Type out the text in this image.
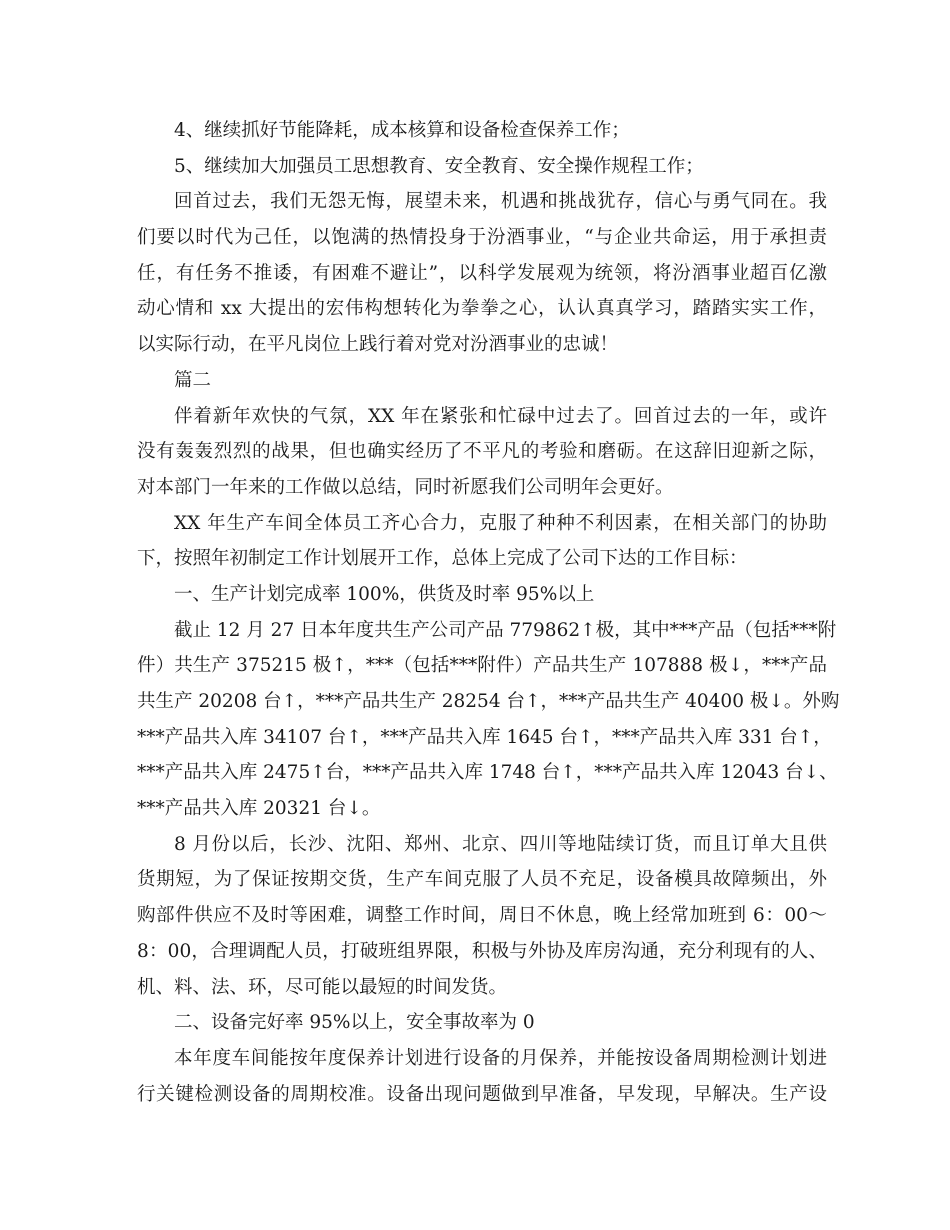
4、继续抓好节能降耗，成本核算和设备检查保养工作；
5、继续加大加强员工思想教育、安全教育、安全操作规程工作；
回首过去，我们无怨无悔，展望未来，机遇和挑战犹存，信心与勇气同在。我
们要以时代为己任，以饱满的热情投身于汾酒事业，“与企业共命运，用于承担责
任，有任务不推诿，有困难不避让”，以科学发展观为统领，将汾酒事业超百亿激
动心情和 xx 大提出的宏伟构想转化为拳拳之心，认认真真学习，踏踏实实工作，
以实际行动，在平凡岗位上践行着对党对汾酒事业的忠诚！
篇二
伴着新年欢快的气氛，XX 年在紧张和忙碌中过去了。回首过去的一年，或许
没有轰轰烈烈的战果，但也确实经历了不平凡的考验和磨砺。在这辞旧迎新之际，
对本部门一年来的工作做以总结，同时祈愿我们公司明年会更好。
XX 年生产车间全体员工齐心合力，克服了种种不利因素，在相关部门的协助
下，按照年初制定工作计划展开工作，总体上完成了公司下达的工作目标：
一、生产计划完成率 100%，供货及时率 95%以上
截止 12 月 27 日本年度共生产公司产品 779862↑极，其中***产品（包括***附
件）共生产 375215 极↑，***（包括***附件）产品共生产 107888 极↓，***产品
共生产 20208 台↑，***产品共生产 28254 台↑，***产品共生产 40400 极↓。外购
***产品共入库 34107 台↑，***产品共入库 1645 台↑，***产品共入库 331 台↑，
***产品共入库 2475↑台，***产品共入库 1748 台↑，***产品共入库 12043 台↓、
***产品共入库 20321 台↓。
8 月份以后，长沙、沈阳、郑州、北京、四川等地陆续订货，而且订单大且供
货期短，为了保证按期交货，生产车间克服了人员不充足，设备模具故障频出，外
购部件供应不及时等困难，调整工作时间，周日不休息，晚上经常加班到 6：00～
8：00，合理调配人员，打破班组界限，积极与外协及库房沟通，充分利现有的人、
机、料、法、环，尽可能以最短的时间发货。
二、设备完好率 95%以上，安全事故率为 0
本年度车间能按年度保养计划进行设备的月保养，并能按设备周期检测计划进
行关键检测设备的周期校准。设备出现问题做到早准备，早发现，早解决。生产设
